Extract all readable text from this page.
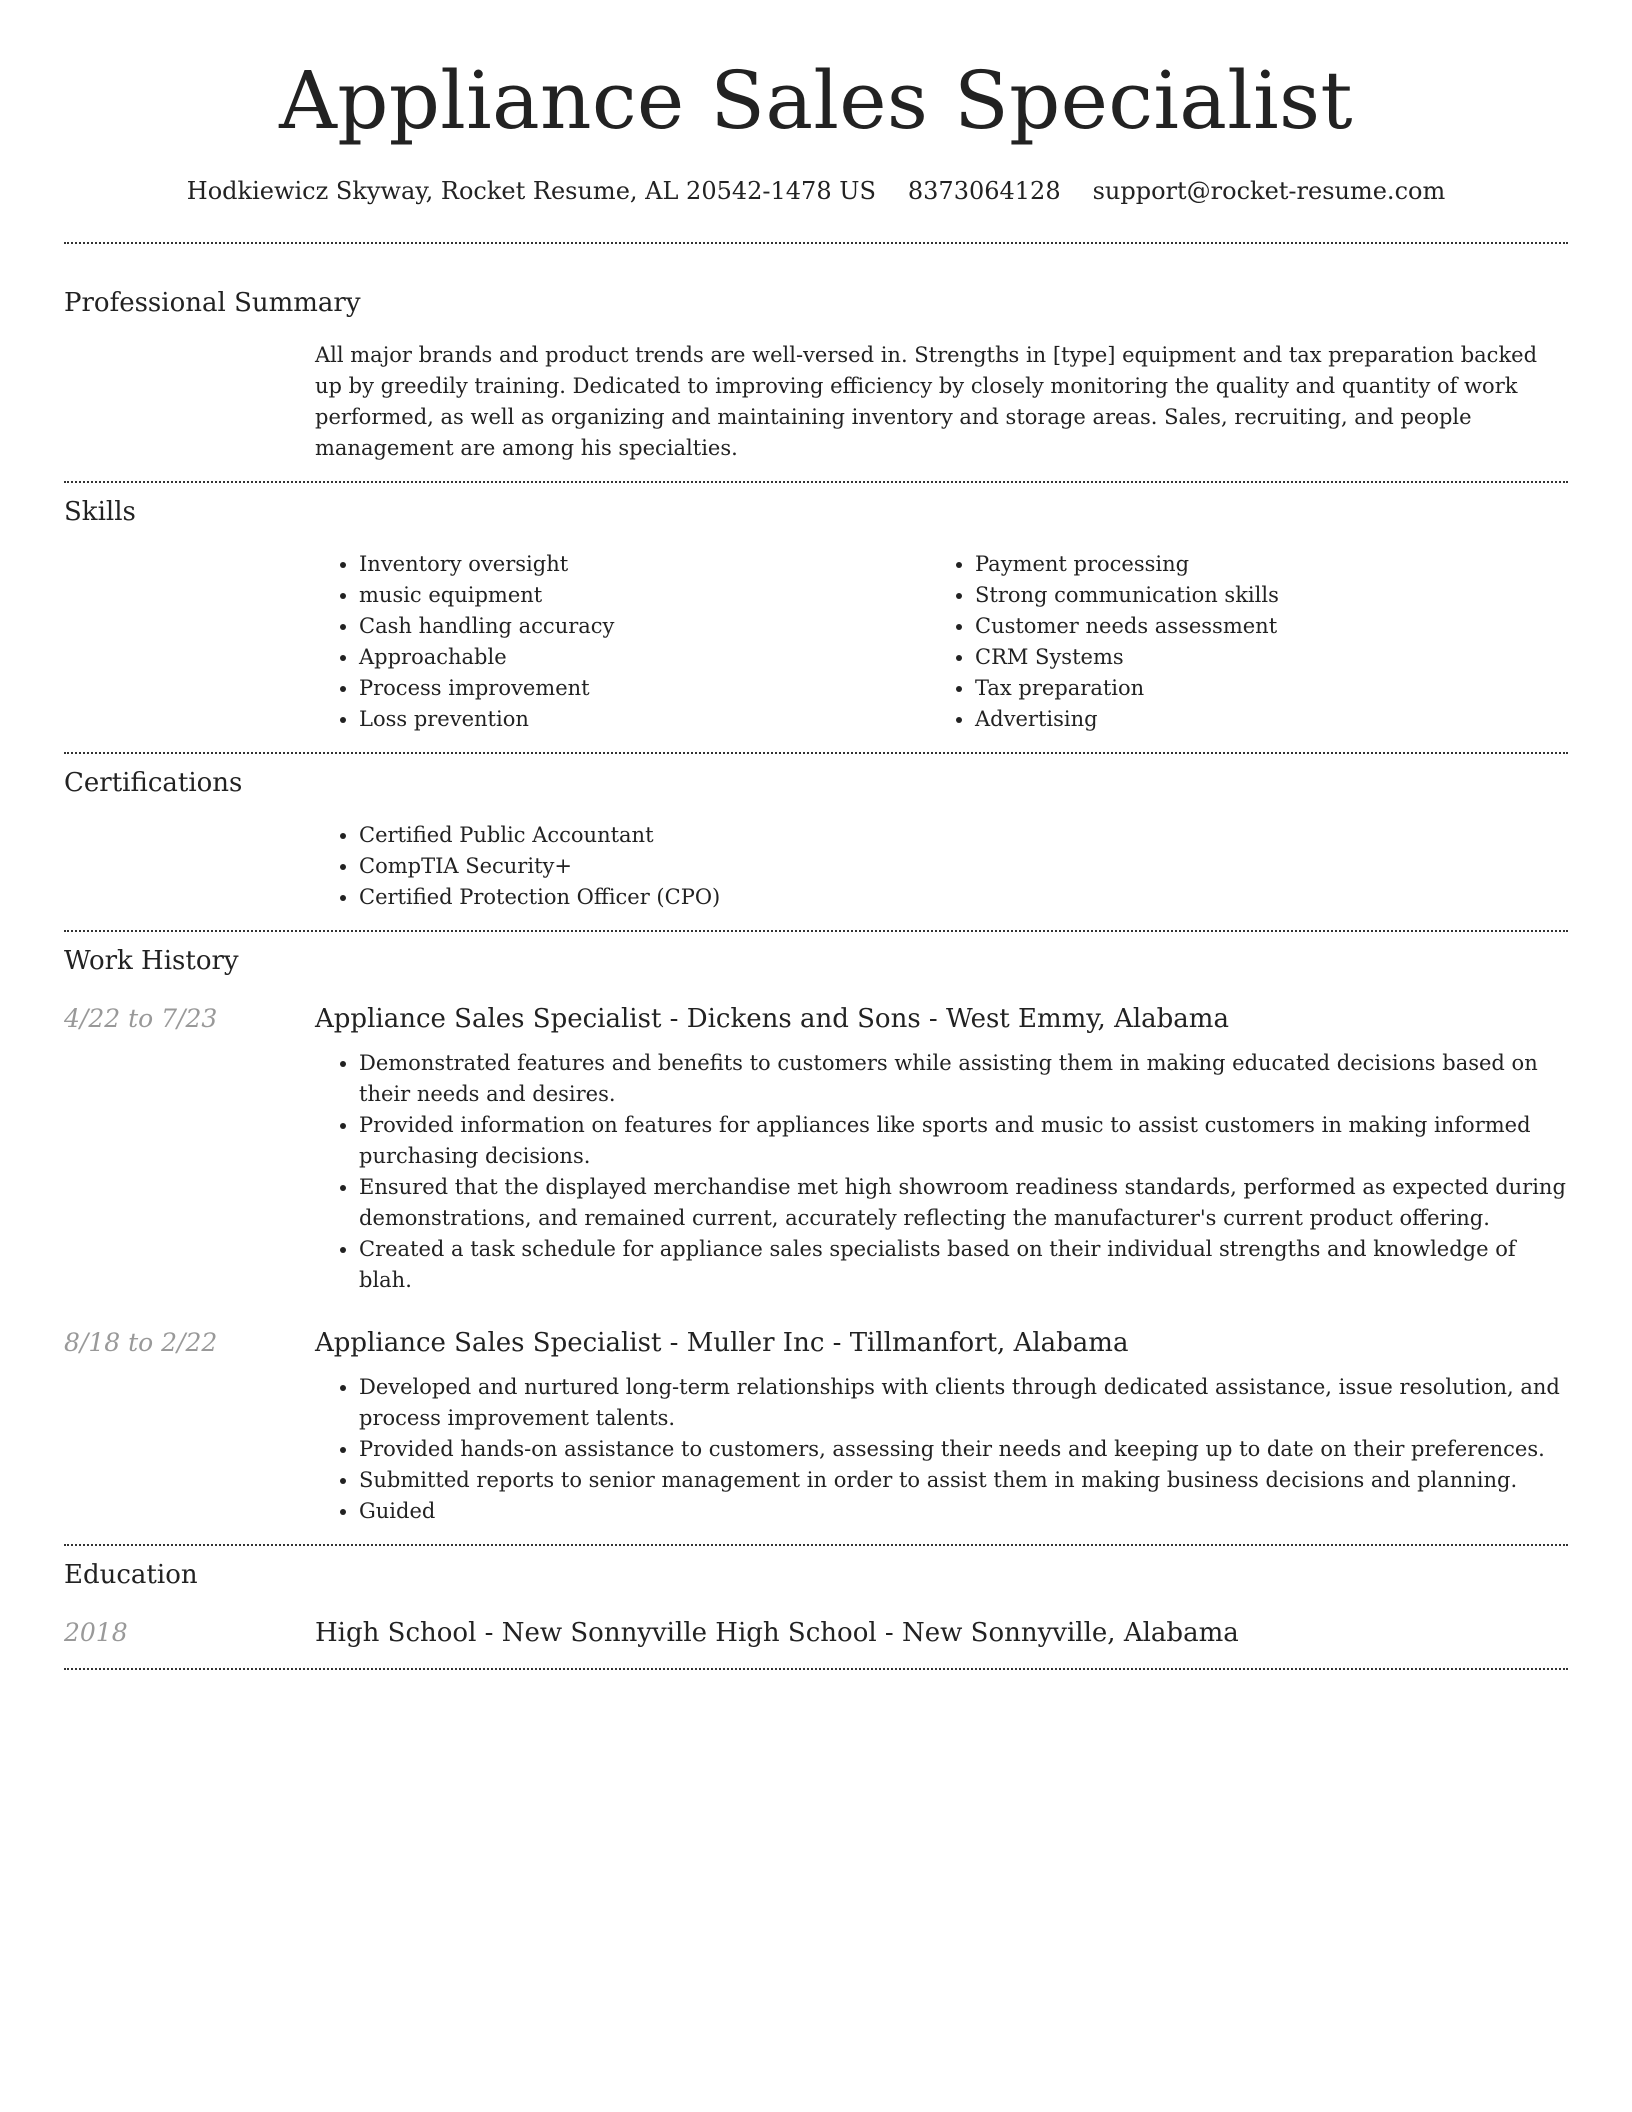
Appliance Sales Specialist
Hodkiewicz Skyway, Rocket Resume, AL 20542-1478 US 8373064128 support@rocket-resume.com
Professional Summary

All major brands and product trends are well-versed in. Strengths in [type] equipment and tax preparation backed up by greedily training. Dedicated to improving efficiency by closely monitoring the quality and quantity of work performed, as well as organizing and maintaining inventory and storage areas. Sales, recruiting, and people management are among his specialties.

Skills
• Inventory oversight
• music equipment
• Cash handling accuracy
• Approachable
• Process improvement
• Loss prevention
• Payment processing
• Strong communication skills
• Customer needs assessment
• CRM Systems
• Tax preparation
• Advertising
Certifications
• Certified Public Accountant
• CompTIA Security+
• Certified Protection Officer (CPO)
Work History
4/22 to 7/23	Appliance Sales Specialist - Dickens and Sons - West Emmy, Alabama
• Demonstrated features and benefits to customers while assisting them in making educated decisions based on their needs and desires.
• Provided information on features for appliances like sports and music to assist customers in making informed purchasing decisions.
• Ensured that the displayed merchandise met high showroom readiness standards, performed as expected during demonstrations, and remained current, accurately reflecting the manufacturer's current product offering.
• Created a task schedule for appliance sales specialists based on their individual strengths and knowledge of blah.
8/18 to 2/22	Appliance Sales Specialist - Muller Inc - Tillmanfort, Alabama
• Developed and nurtured long-term relationships with clients through dedicated assistance, issue resolution, and process improvement talents.
• Provided hands-on assistance to customers, assessing their needs and keeping up to date on their preferences.
• Submitted reports to senior management in order to assist them in making business decisions and planning.
• Guided
Education
2018	High School - New Sonnyville High School - New Sonnyville, Alabama
